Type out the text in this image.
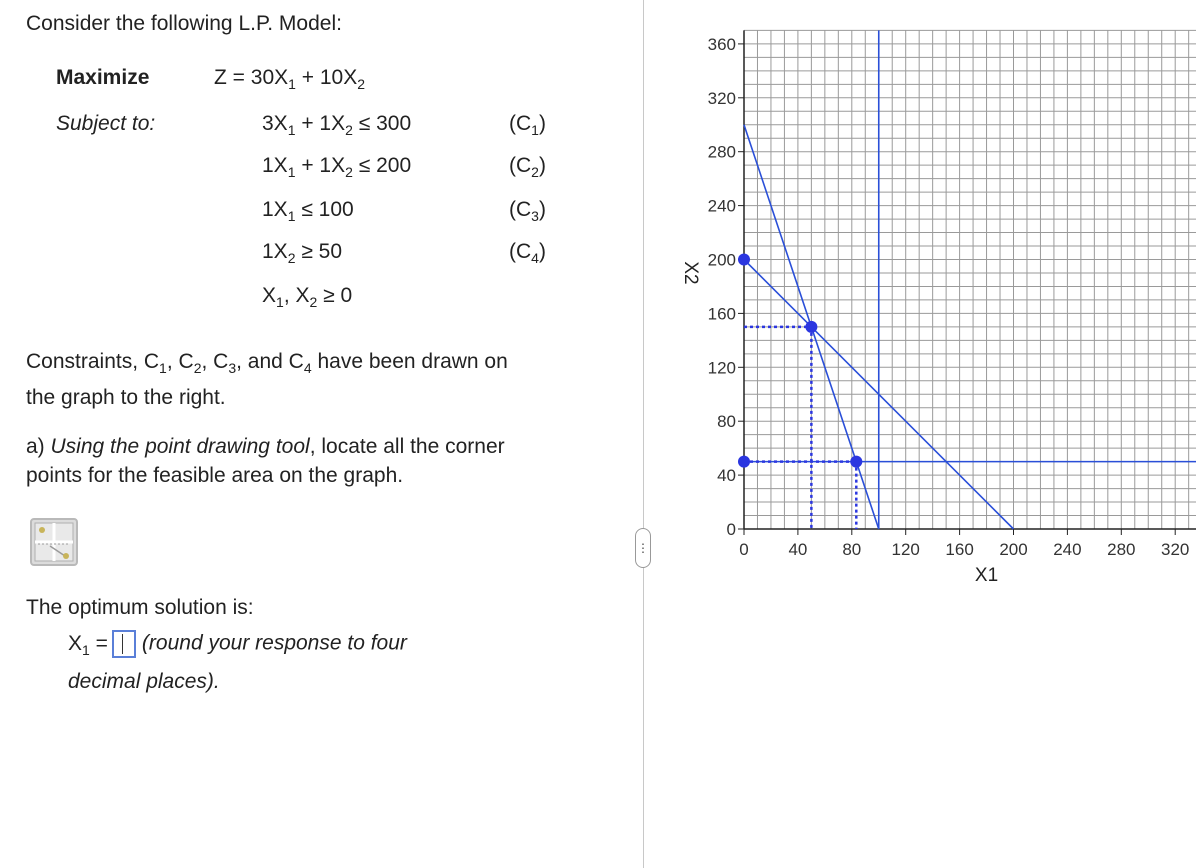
Consider the following L.P. Model:
Maximize	$Z = 30X_1 + 10X_2$
Subject to:	$3X_1 + 1X_2 \le 300$	$(C_1)$
$1X_1 + 1X_2 \le 200$	$(C_2)$
$1X_1 \le 100$	$(C_3)$
$1X_2 \ge 50$	$(C_4)$
$X_1$, $X_2 \ge 0$
Constraints, $C_1$, $C_2$, $C_3$, and $C_4$ have been drawn on
the graph to the right.
a) Using the point drawing tool, locate all the corner
points for the feasible area on the graph.
The optimum solution is:
$X_1$ = (round your response to four
decimal places).
⋮	0 40 80 120 160 200 240 280 320
0
40
80
120
160
200
240
280
320
360
X1
X2
